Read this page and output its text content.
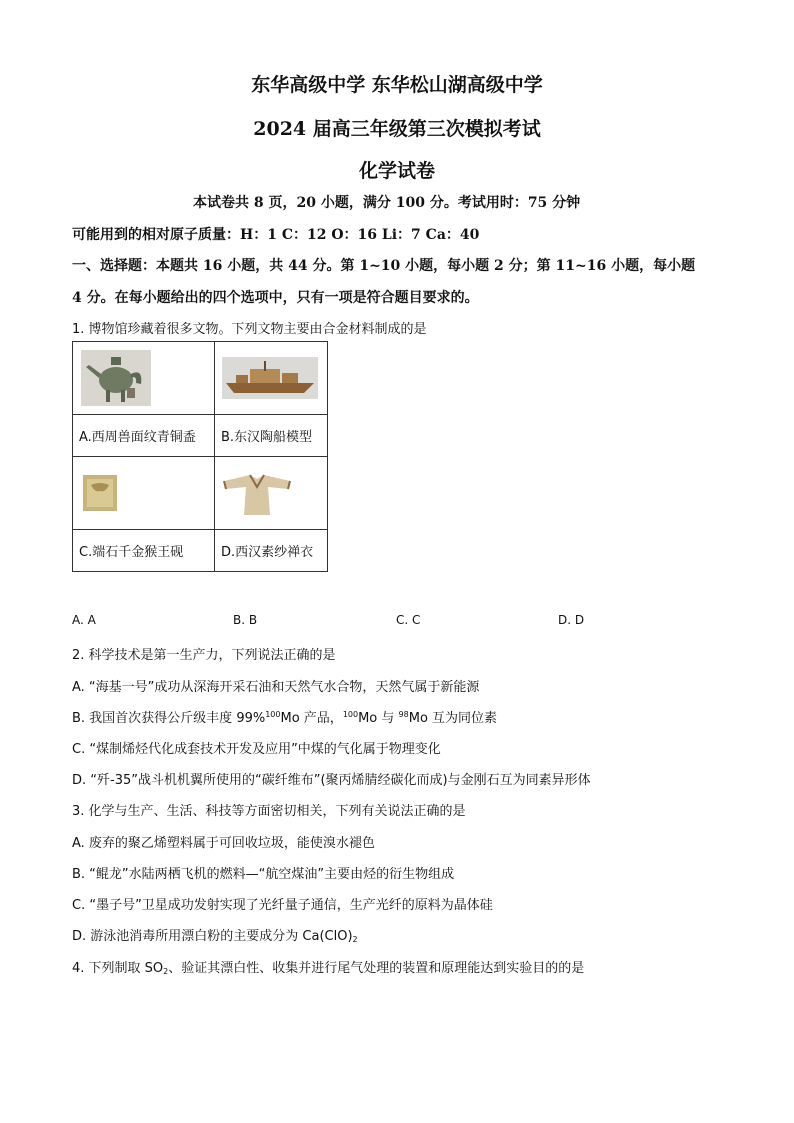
东华高级中学 东华松山湖高级中学
2024 届高三年级第三次模拟考试
化学试卷
本试卷共 8 页，20 小题，满分 100 分。考试用时：75 分钟
可能用到的相对原子质量：H：1 C：12 O：16 Li：7 Ca：40
一、选择题：本题共 16 小题，共 44 分。第 1~10 小题，每小题 2 分；第 11~16 小题，每小题
4 分。在每小题给出的四个选项中，只有一项是符合题目要求的。
1. 博物馆珍藏着很多文物。下列文物主要由合金材料制成的是

A.西周兽面纹青铜盉	B.东汉陶船模型

C.端石千金猴王砚	D.西汉素纱禅衣
A. A	B. B	C. C	D. D
2. 科学技术是第一生产力，下列说法正确的是
A. “海基一号”成功从深海开采石油和天然气水合物，天然气属于新能源
B. 我国首次获得公斤级丰度 99%$^{100}$Mo 产品，$^{100}$Mo 与 $^{98}$Mo 互为同位素
C. “煤制烯烃代化成套技术开发及应用”中煤的气化属于物理变化
D. “歼-35”战斗机机翼所使用的“碳纤维布”(聚丙烯腈经碳化而成)与金刚石互为同素异形体
3. 化学与生产、生活、科技等方面密切相关，下列有关说法正确的是
A. 废弃的聚乙烯塑料属于可回收垃圾，能使溴水褪色
B. “鲲龙”水陆两栖飞机的燃料—“航空煤油”主要由烃的衍生物组成
C. “墨子号”卫星成功发射实现了光纤量子通信，生产光纤的原料为晶体硅
D. 游泳池消毒所用漂白粉的主要成分为 $Ca(ClO)_2$
4. 下列制取 $SO_2$、验证其漂白性、收集并进行尾气处理的装置和原理能达到实验目的的是
